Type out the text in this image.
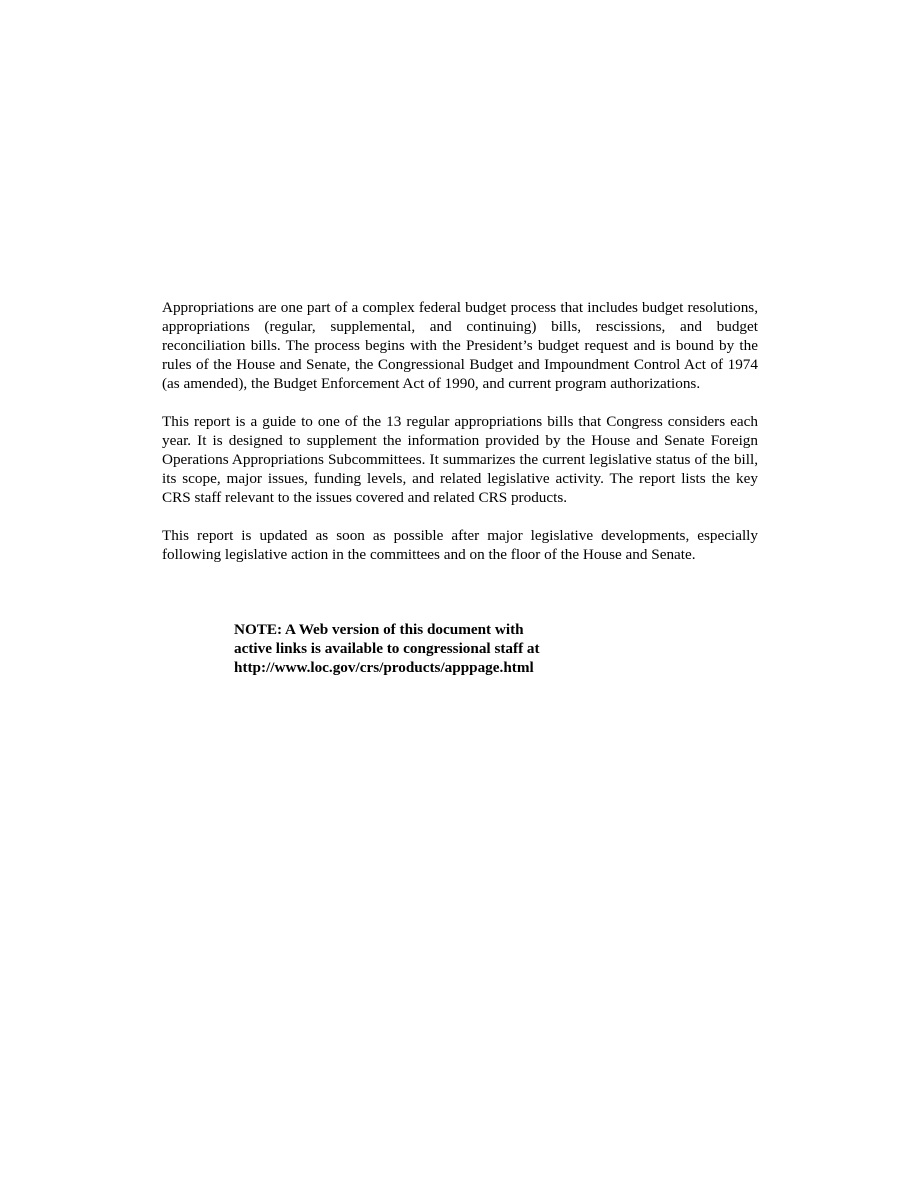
Appropriations are one part of a complex federal budget process that includes budget resolutions, appropriations (regular, supplemental, and continuing) bills, rescissions, and budget reconciliation bills. The process begins with the President’s budget request and is bound by the rules of the House and Senate, the Congressional Budget and Impoundment Control Act of 1974 (as amended), the Budget Enforcement Act of 1990, and current program authorizations.

This report is a guide to one of the 13 regular appropriations bills that Congress considers each year. It is designed to supplement the information provided by the House and Senate Foreign Operations Appropriations Subcommittees. It summarizes the current legislative status of the bill, its scope, major issues, funding levels, and related legislative activity. The report lists the key CRS staff relevant to the issues covered and related CRS products.

This report is updated as soon as possible after major legislative developments, especially following legislative action in the committees and on the floor of the House and Senate.

NOTE: A Web version of this document with
active links is available to congressional staff at
http://www.loc.gov/crs/products/apppage.html
